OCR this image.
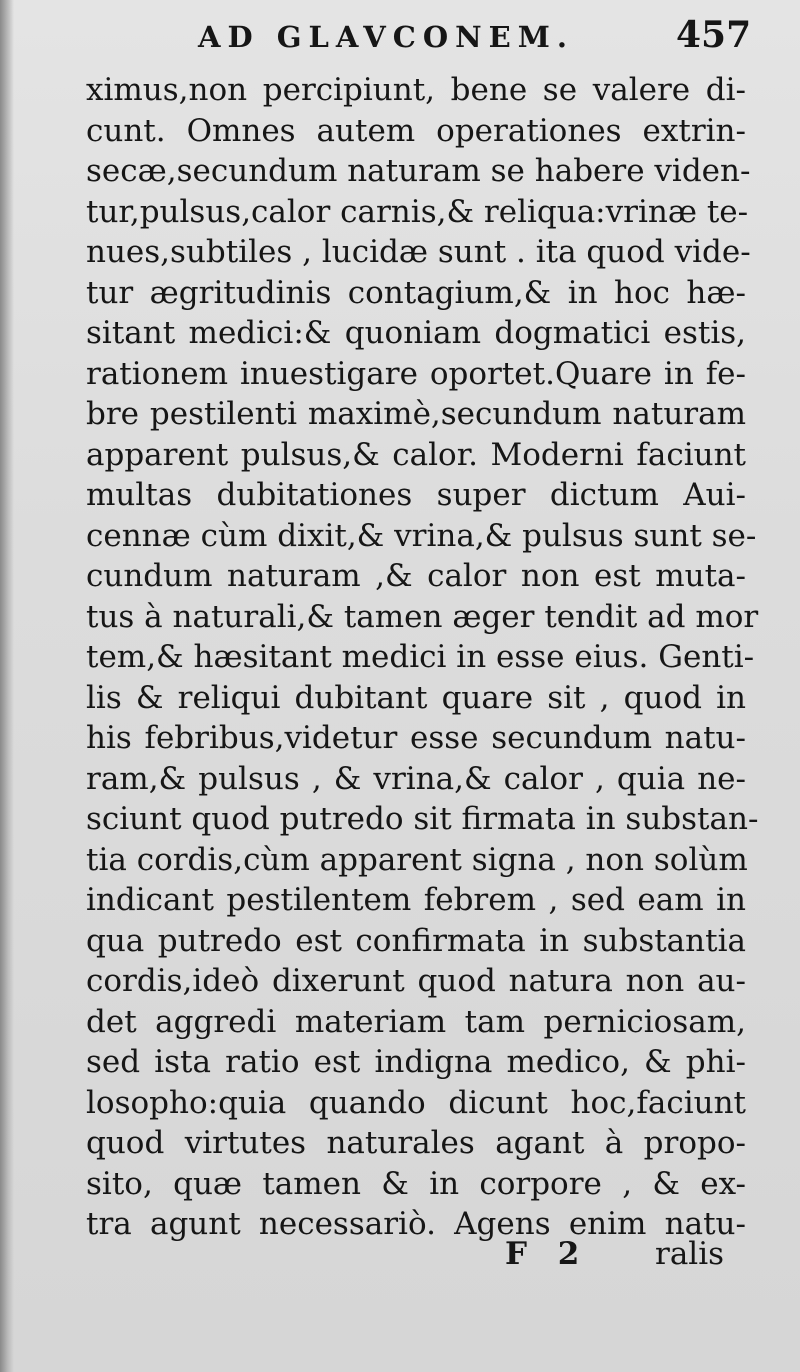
AD GLAVCONEM.	457
ximus,non percipiunt, bene se valere di-
cunt. Omnes autem operationes extrin-
secæ,secundum naturam se habere viden-
tur,pulsus,calor carnis,& reliqua:vrinæ te-
nues,subtiles , lucidæ sunt . ita quod vide-
tur ægritudinis contagium,& in hoc hæ-
sitant medici:& quoniam dogmatici estis,
rationem inuestigare oportet.Quare in fe-
bre pestilenti maximè,secundum naturam
apparent pulsus,& calor. Moderni faciunt
multas dubitationes super dictum Aui-
cennæ cùm dixit,& vrina,& pulsus sunt se-
cundum naturam ,& calor non est muta-
tus à naturali,& tamen æger tendit ad mor
tem,& hæsitant medici in esse eius. Genti-
lis & reliqui dubitant quare sit , quod in
his febribus,videtur esse secundum natu-
ram,& pulsus , & vrina,& calor , quia ne-
sciunt quod putredo sit firmata in substan-
tia cordis,cùm apparent signa , non solùm
indicant pestilentem febrem , sed eam in
qua putredo est confirmata in substantia
cordis,ideò dixerunt quod natura non au-
det aggredi materiam tam perniciosam,
sed ista ratio est indigna medico, & phi-
losopho:quia quando dicunt hoc,faciunt
quod virtutes naturales agant à propo-
sito, quæ tamen & in corpore , & ex-
tra agunt necessariò. Agens enim natu-
F 2 ralis
